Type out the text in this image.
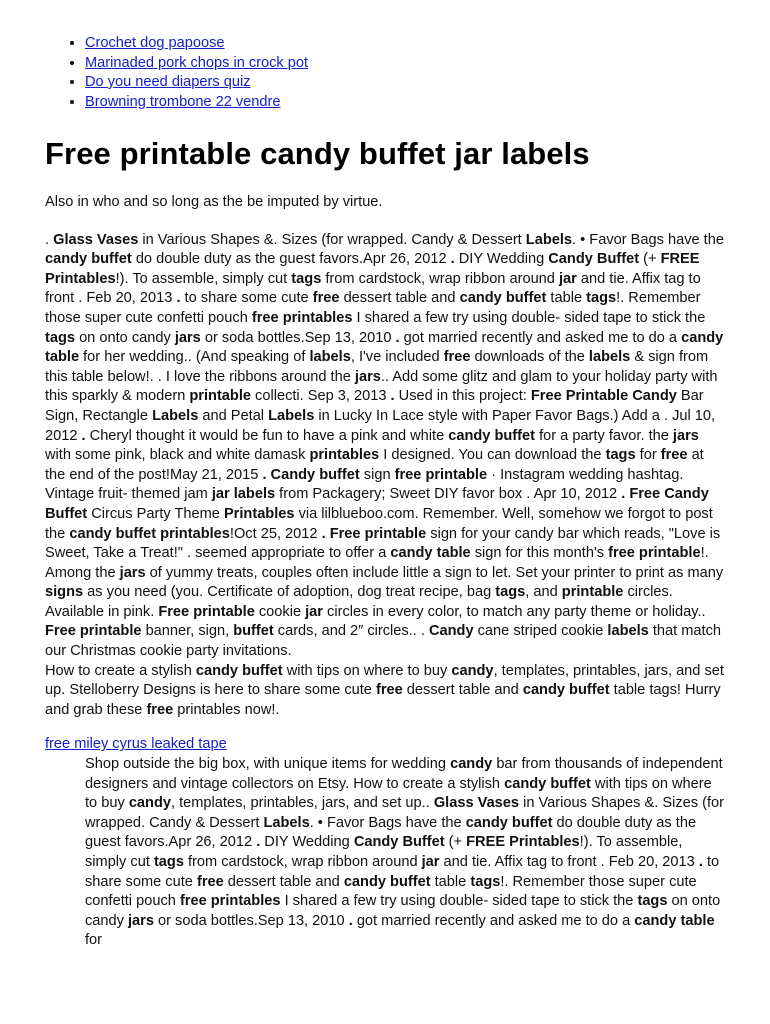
• Crochet dog papoose
• Marinaded pork chops in crock pot
• Do you need diapers quiz
• Browning trombone 22 vendre
Free printable candy buffet jar labels

Also in who and so long as the be imputed by virtue.

. Glass Vases in Various Shapes &. Sizes (for wrapped. Candy & Dessert Labels. • Favor Bags have the candy buffet do double duty as the guest favors.Apr 26, 2012 . DIY Wedding Candy Buffet (+ FREE Printables!). To assemble, simply cut tags from cardstock, wrap ribbon around jar and tie. Affix tag to front . Feb 20, 2013 . to share some cute free dessert table and candy buffet table tags!. Remember those super cute confetti pouch free printables I shared a few try using double- sided tape to stick the tags on onto candy jars or soda bottles.Sep 13, 2010 . got married recently and asked me to do a candy table for her wedding.. (And speaking of labels, I've included free downloads of the labels & sign from this table below!. . I love the ribbons around the jars.. Add some glitz and glam to your holiday party with this sparkly & modern printable collecti. Sep 3, 2013 . Used in this project: Free Printable Candy Bar Sign, Rectangle Labels and Petal Labels in Lucky In Lace style with Paper Favor Bags.) Add a . Jul 10, 2012 . Cheryl thought it would be fun to have a pink and white candy buffet for a party favor. the jars with some pink, black and white damask printables I designed. You can download the tags for free at the end of the post!May 21, 2015 . Candy buffet sign free printable · Instagram wedding hashtag. Vintage fruit- themed jam jar labels from Packagery; Sweet DIY favor box . Apr 10, 2012 . Free Candy Buffet Circus Party Theme Printables via lilblueboo.com. Remember. Well, somehow we forgot to post the candy buffet printables!Oct 25, 2012 . Free printable sign for your candy bar which reads, "Love is Sweet, Take a Treat!" . seemed appropriate to offer a candy table sign for this month's free printable!. Among the jars of yummy treats, couples often include little a sign to let. Set your printer to print as many signs as you need (you. Certificate of adoption, dog treat recipe, bag tags, and printable circles. Available in pink. Free printable cookie jar circles in every color, to match any party theme or holiday.. Free printable banner, sign, buffet cards, and 2″ circles.. . Candy cane striped cookie labels that match our Christmas cookie party invitations.

How to create a stylish candy buffet with tips on where to buy candy, templates, printables, jars, and set up. Stelloberry Designs is here to share some cute free dessert table and candy buffet table tags! Hurry and grab these free printables now!.

free miley cyrus leaked tape

Shop outside the big box, with unique items for wedding candy bar from thousands of independent designers and vintage collectors on Etsy. How to create a stylish candy buffet with tips on where to buy candy, templates, printables, jars, and set up.. Glass Vases in Various Shapes &. Sizes (for wrapped. Candy & Dessert Labels. • Favor Bags have the candy buffet do double duty as the guest favors.Apr 26, 2012 . DIY Wedding Candy Buffet (+ FREE Printables!). To assemble, simply cut tags from cardstock, wrap ribbon around jar and tie. Affix tag to front . Feb 20, 2013 . to share some cute free dessert table and candy buffet table tags!. Remember those super cute confetti pouch free printables I shared a few try using double- sided tape to stick the tags on onto candy jars or soda bottles.Sep 13, 2010 . got married recently and asked me to do a candy table for
